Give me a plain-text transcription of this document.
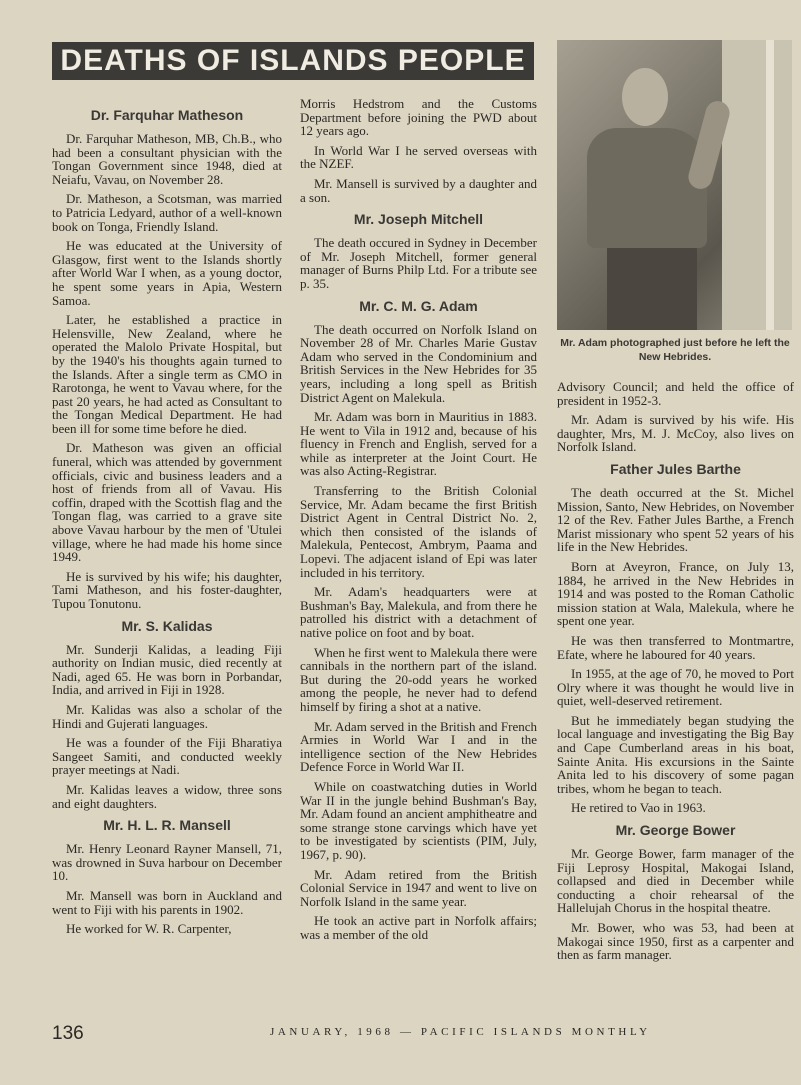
DEATHS OF ISLANDS PEOPLE
Dr. Farquhar Matheson

Dr. Farquhar Matheson, MB, Ch.B., who had been a consultant physician with the Tongan Government since 1948, died at Neiafu, Vavau, on November 28.

Dr. Matheson, a Scotsman, was married to Patricia Ledyard, author of a well-known book on Tonga, Friendly Island.

He was educated at the University of Glasgow, first went to the Islands shortly after World War I when, as a young doctor, he spent some years in Apia, Western Samoa.

Later, he established a practice in Helensville, New Zealand, where he operated the Malolo Private Hospital, but by the 1940's his thoughts again turned to the Islands. After a single term as CMO in Rarotonga, he went to Vavau where, for the past 20 years, he had acted as Consultant to the Tongan Medical Department. He had been ill for some time before he died.

Dr. Matheson was given an official funeral, which was attended by government officials, civic and business leaders and a host of friends from all of Vavau. His coffin, draped with the Scottish flag and the Tongan flag, was carried to a grave site above Vavau harbour by the men of 'Utulei village, where he had made his home since 1949.

He is survived by his wife; his daughter, Tami Matheson, and his foster-daughter, Tupou Tonutonu.

Mr. S. Kalidas

Mr. Sunderji Kalidas, a leading Fiji authority on Indian music, died recently at Nadi, aged 65. He was born in Porbandar, India, and arrived in Fiji in 1928.

Mr. Kalidas was also a scholar of the Hindi and Gujerati languages.

He was a founder of the Fiji Bharatiya Sangeet Samiti, and conducted weekly prayer meetings at Nadi.

Mr. Kalidas leaves a widow, three sons and eight daughters.

Mr. H. L. R. Mansell

Mr. Henry Leonard Rayner Mansell, 71, was drowned in Suva harbour on December 10.

Mr. Mansell was born in Auckland and went to Fiji with his parents in 1902.

He worked for W. R. Carpenter,

Morris Hedstrom and the Customs Department before joining the PWD about 12 years ago.

In World War I he served overseas with the NZEF.

Mr. Mansell is survived by a daughter and a son.

Mr. Joseph Mitchell

The death occured in Sydney in December of Mr. Joseph Mitchell, former general manager of Burns Philp Ltd. For a tribute see p. 35.

Mr. C. M. G. Adam

The death occurred on Norfolk Island on November 28 of Mr. Charles Marie Gustav Adam who served in the Condominium and British Services in the New Hebrides for 35 years, including a long spell as British District Agent on Malekula.

Mr. Adam was born in Mauritius in 1883. He went to Vila in 1912 and, because of his fluency in French and English, served for a while as interpreter at the Joint Court. He was also Acting-Registrar.

Transferring to the British Colonial Service, Mr. Adam became the first British District Agent in Central District No. 2, which then consisted of the islands of Malekula, Pentecost, Ambrym, Paama and Lopevi. The adjacent island of Epi was later included in his territory.

Mr. Adam's headquarters were at Bushman's Bay, Malekula, and from there he patrolled his district with a detachment of native police on foot and by boat.

When he first went to Malekula there were cannibals in the northern part of the island. But during the 20-odd years he worked among the people, he never had to defend himself by firing a shot at a native.

Mr. Adam served in the British and French Armies in World War I and in the intelligence section of the New Hebrides Defence Force in World War II.

While on coastwatching duties in World War II in the jungle behind Bushman's Bay, Mr. Adam found an ancient amphitheatre and some strange stone carvings which have yet to be investigated by scientists (PIM, July, 1967, p. 90).

Mr. Adam retired from the British Colonial Service in 1947 and went to live on Norfolk Island in the same year.

He took an active part in Norfolk affairs; was a member of the old

Mr. Adam photographed just before he left the New Hebrides.

Advisory Council; and held the office of president in 1952-3.

Mr. Adam is survived by his wife. His daughter, Mrs, M. J. McCoy, also lives on Norfolk Island.

Father Jules Barthe

The death occurred at the St. Michel Mission, Santo, New Hebrides, on November 12 of the Rev. Father Jules Barthe, a French Marist missionary who spent 52 years of his life in the New Hebrides.

Born at Aveyron, France, on July 13, 1884, he arrived in the New Hebrides in 1914 and was posted to the Roman Catholic mission station at Wala, Malekula, where he spent one year.

He was then transferred to Montmartre, Efate, where he laboured for 40 years.

In 1955, at the age of 70, he moved to Port Olry where it was thought he would live in quiet, well-deserved retirement.

But he immediately began studying the local language and investigating the Big Bay and Cape Cumberland areas in his boat, Sainte Anita. His excursions in the Sainte Anita led to his discovery of some pagan tribes, whom he began to teach.

He retired to Vao in 1963.

Mr. George Bower

Mr. George Bower, farm manager of the Fiji Leprosy Hospital, Makogai Island, collapsed and died in December while conducting a choir rehearsal of the Hallelujah Chorus in the hospital theatre.

Mr. Bower, who was 53, had been at Makogai since 1950, first as a carpenter and then as farm manager.

136	JANUARY, 1968 — PACIFIC ISLANDS MONTHLY
